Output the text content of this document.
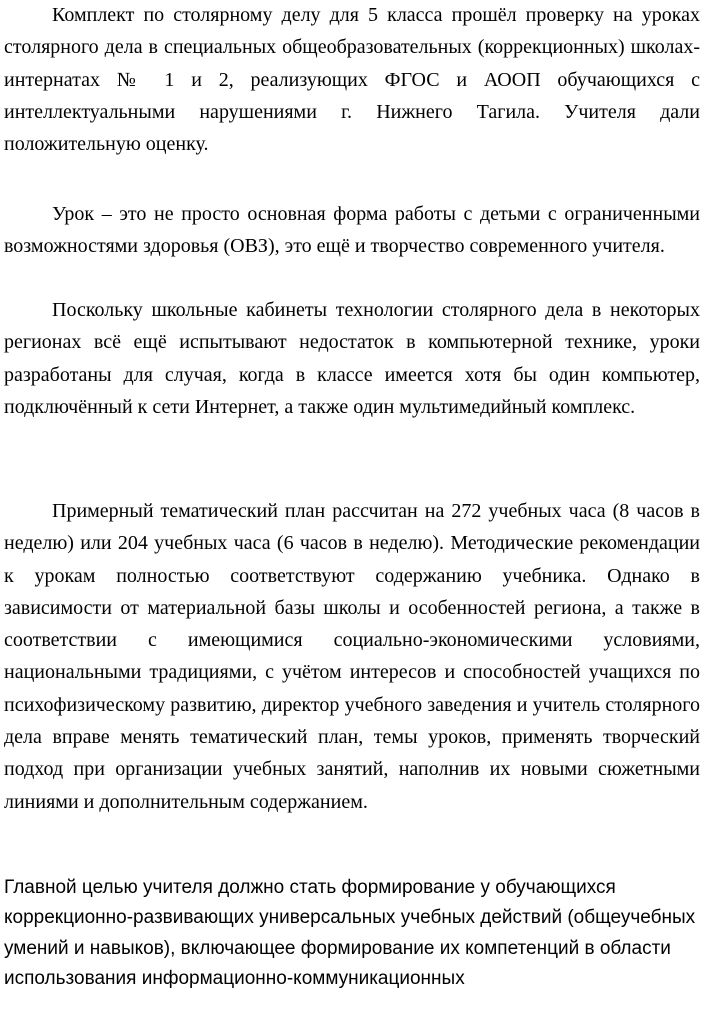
Комплект по столярному делу для 5 класса прошёл проверку на уроках столярного дела в специальных общеобразовательных (коррекционных) школах-интернатах № 1 и 2, реализующих ФГОС и АООП обучающихся с интеллектуальными нарушениями г. Нижнего Тагила. Учителя дали положительную оценку.

Урок – это не просто основная форма работы с детьми с ограниченными возможностями здоровья (ОВЗ), это ещё и творчество современного учителя.

Поскольку школьные кабинеты технологии столярного дела в некоторых регионах всё ещё испытывают недостаток в компьютерной технике, уроки разработаны для случая, когда в классе имеется хотя бы один компьютер, подключённый к сети Интернет, а также один мультимедийный комплекс.

Примерный тематический план рассчитан на 272 учебных часа (8 часов в неделю) или 204 учебных часа (6 часов в неделю). Методические рекомендации к урокам полностью соответствуют содержанию учебника. Однако в зависимости от материальной базы школы и особенностей региона, а также в соответствии с имеющимися социально-экономическими условиями, национальными традициями, с учётом интересов и способностей учащихся по психофизическому развитию, директор учебного заведения и учитель столярного дела вправе менять тематический план, темы уроков, применять творческий подход при организации учебных занятий, наполнив их новыми сюжетными линиями и дополнительным содержанием.

Главной целью учителя должно стать формирование у обучающихся коррекционно-развивающих универсальных учебных действий (общеучебных умений и навыков), включающее формирование их компетенций в области использования информационно-коммуникационных
